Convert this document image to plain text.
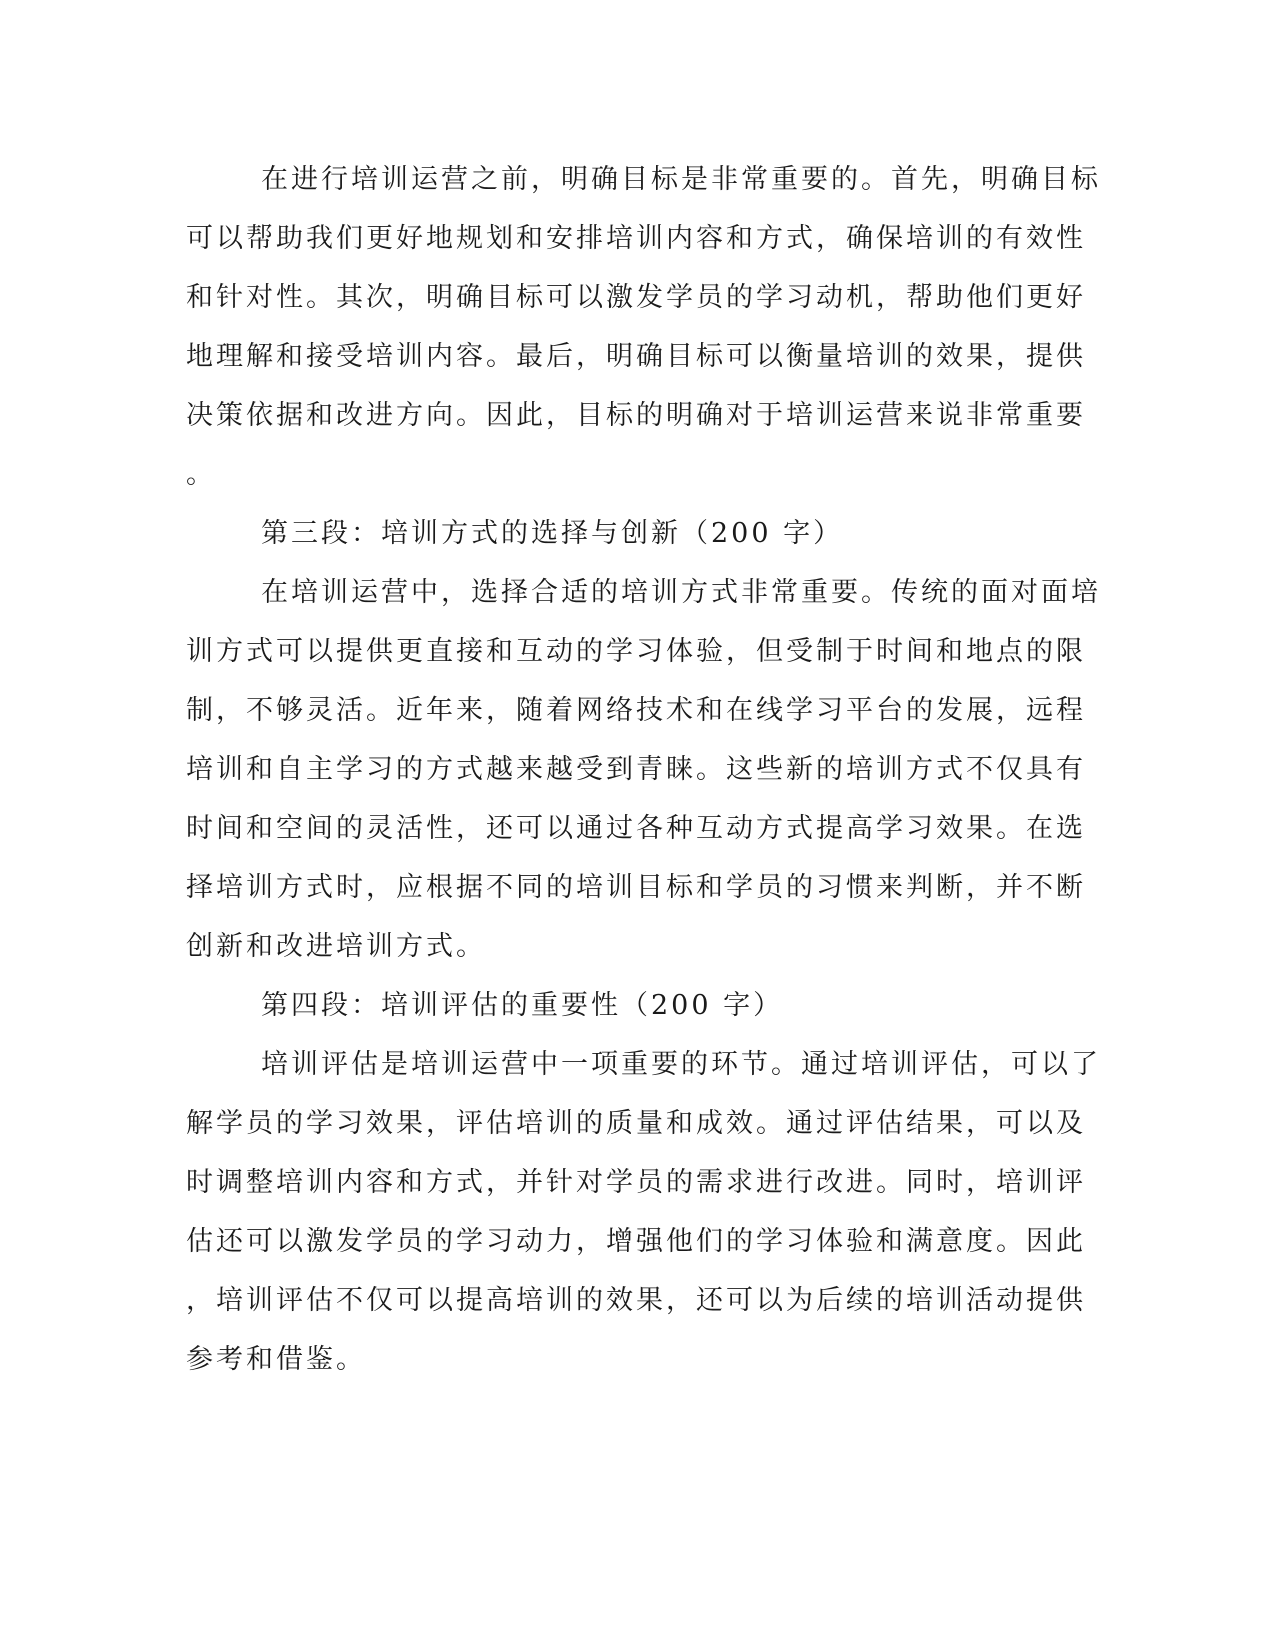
在进行培训运营之前，明确目标是非常重要的。首先，明确目标
可以帮助我们更好地规划和安排培训内容和方式，确保培训的有效性
和针对性。其次，明确目标可以激发学员的学习动机，帮助他们更好
地理解和接受培训内容。最后，明确目标可以衡量培训的效果，提供
决策依据和改进方向。因此，目标的明确对于培训运营来说非常重要
。
第三段：培训方式的选择与创新（200 字）
在培训运营中，选择合适的培训方式非常重要。传统的面对面培
训方式可以提供更直接和互动的学习体验，但受制于时间和地点的限
制，不够灵活。近年来，随着网络技术和在线学习平台的发展，远程
培训和自主学习的方式越来越受到青睐。这些新的培训方式不仅具有
时间和空间的灵活性，还可以通过各种互动方式提高学习效果。在选
择培训方式时，应根据不同的培训目标和学员的习惯来判断，并不断
创新和改进培训方式。
第四段：培训评估的重要性（200 字）
培训评估是培训运营中一项重要的环节。通过培训评估，可以了
解学员的学习效果，评估培训的质量和成效。通过评估结果，可以及
时调整培训内容和方式，并针对学员的需求进行改进。同时，培训评
估还可以激发学员的学习动力，增强他们的学习体验和满意度。因此
，培训评估不仅可以提高培训的效果，还可以为后续的培训活动提供
参考和借鉴。
